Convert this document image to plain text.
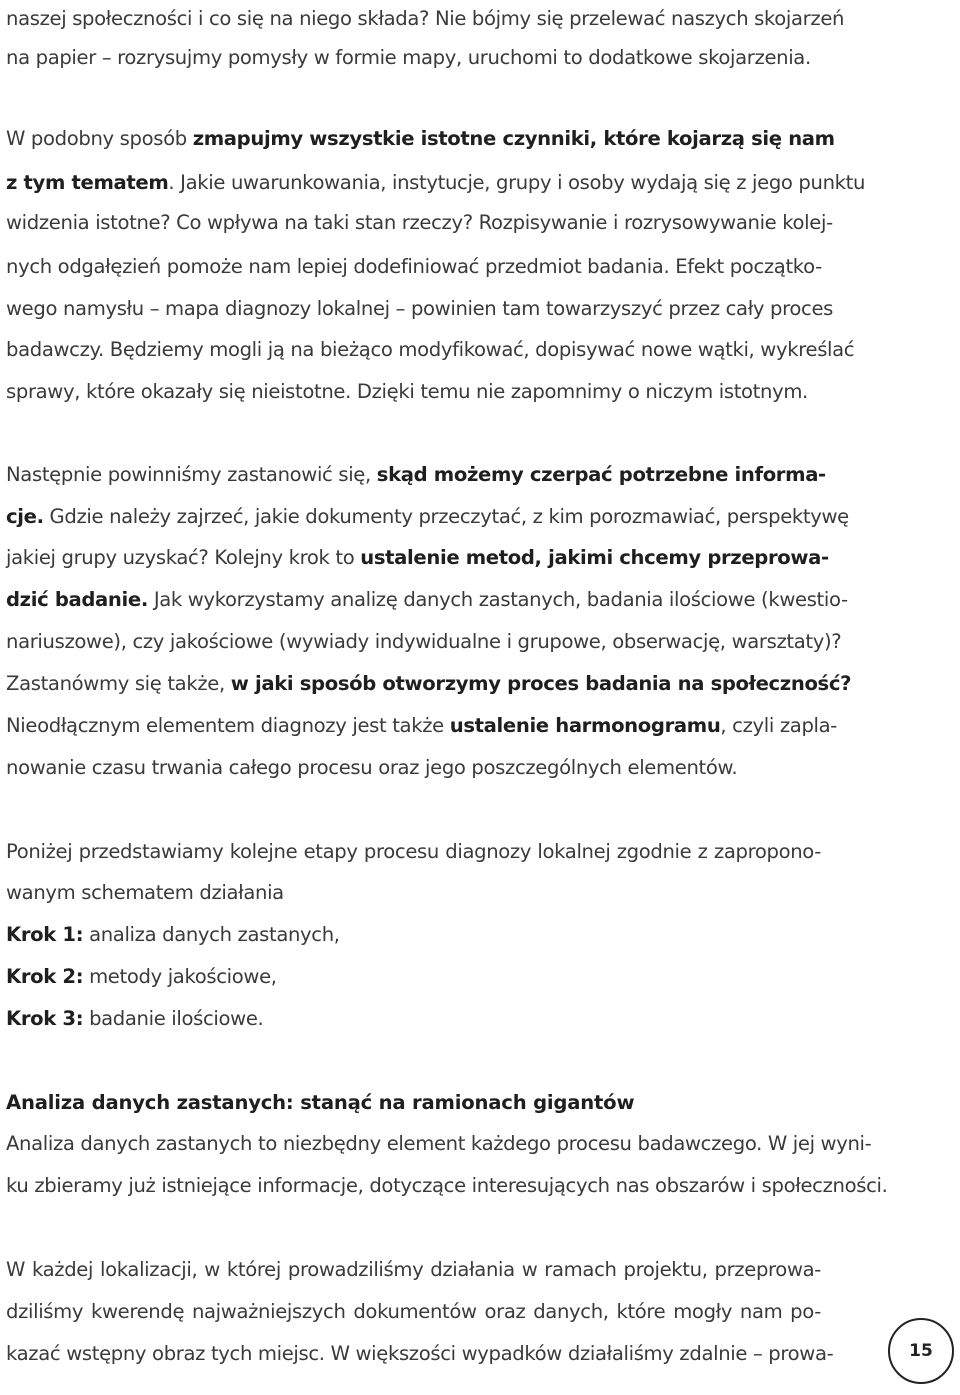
naszej społeczności i co się na niego składa? Nie bójmy się przelewać naszych skojarzeń
na papier – rozrysujmy pomysły w formie mapy, uruchomi to dodatkowe skojarzenia.
W podobny sposób zmapujmy wszystkie istotne czynniki, które kojarzą się nam
z tym tematem. Jakie uwarunkowania, instytucje, grupy i osoby wydają się z jego punktu
widzenia istotne? Co wpływa na taki stan rzeczy? Rozpisywanie i rozrysowywanie kolej-
nych odgałęzień pomoże nam lepiej dodefiniować przedmiot badania. Efekt początko-
wego namysłu – mapa diagnozy lokalnej – powinien tam towarzyszyć przez cały proces
badawczy. Będziemy mogli ją na bieżąco modyfikować, dopisywać nowe wątki, wykreślać
sprawy, które okazały się nieistotne. Dzięki temu nie zapomnimy o niczym istotnym.
Następnie powinniśmy zastanowić się, skąd możemy czerpać potrzebne informa-
cje. Gdzie należy zajrzeć, jakie dokumenty przeczytać, z kim porozmawiać, perspektywę
jakiej grupy uzyskać? Kolejny krok to ustalenie metod, jakimi chcemy przeprowa-
dzić badanie. Jak wykorzystamy analizę danych zastanych, badania ilościowe (kwestio-
nariuszowe), czy jakościowe (wywiady indywidualne i grupowe, obserwację, warsztaty)?
Zastanówmy się także, w jaki sposób otworzymy proces badania na społeczność?
Nieodłącznym elementem diagnozy jest także ustalenie harmonogramu, czyli zapla-
nowanie czasu trwania całego procesu oraz jego poszczególnych elementów.
Poniżej przedstawiamy kolejne etapy procesu diagnozy lokalnej zgodnie z zapropono-
wanym schematem działania
Krok 1: analiza danych zastanych,
Krok 2: metody jakościowe,
Krok 3: badanie ilościowe.
Analiza danych zastanych: stanąć na ramionach gigantów
Analiza danych zastanych to niezbędny element każdego procesu badawczego. W jej wyni-
ku zbieramy już istniejące informacje, dotyczące interesujących nas obszarów i społeczności.
W każdej lokalizacji, w której prowadziliśmy działania w ramach projektu, przeprowa-
dziliśmy kwerendę najważniejszych dokumentów oraz danych, które mogły nam po-
kazać wstępny obraz tych miejsc. W większości wypadków działaliśmy zdalnie – prowa-	15
